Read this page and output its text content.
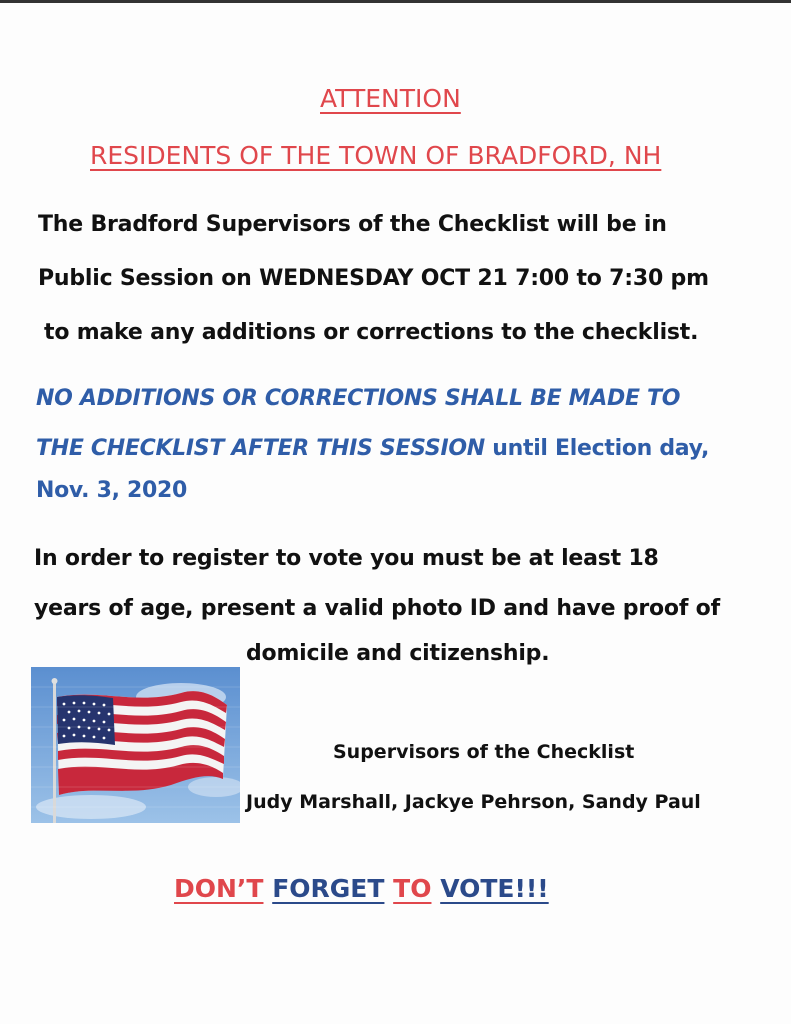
ATTENTION
RESIDENTS OF THE TOWN OF BRADFORD, NH
The Bradford Supervisors of the Checklist will be in
Public Session on WEDNESDAY OCT 21 7:00 to 7:30 pm
to make any additions or corrections to the checklist.
NO ADDITIONS OR CORRECTIONS SHALL BE MADE TO
THE CHECKLIST AFTER THIS SESSION until Election day,
Nov. 3, 2020
In order to register to vote you must be at least 18
years of age, present a valid photo ID and have proof of
domicile and citizenship.
Supervisors of the Checklist
Judy Marshall, Jackye Pehrson, Sandy Paul
DON’T FORGET TO VOTE!!!
